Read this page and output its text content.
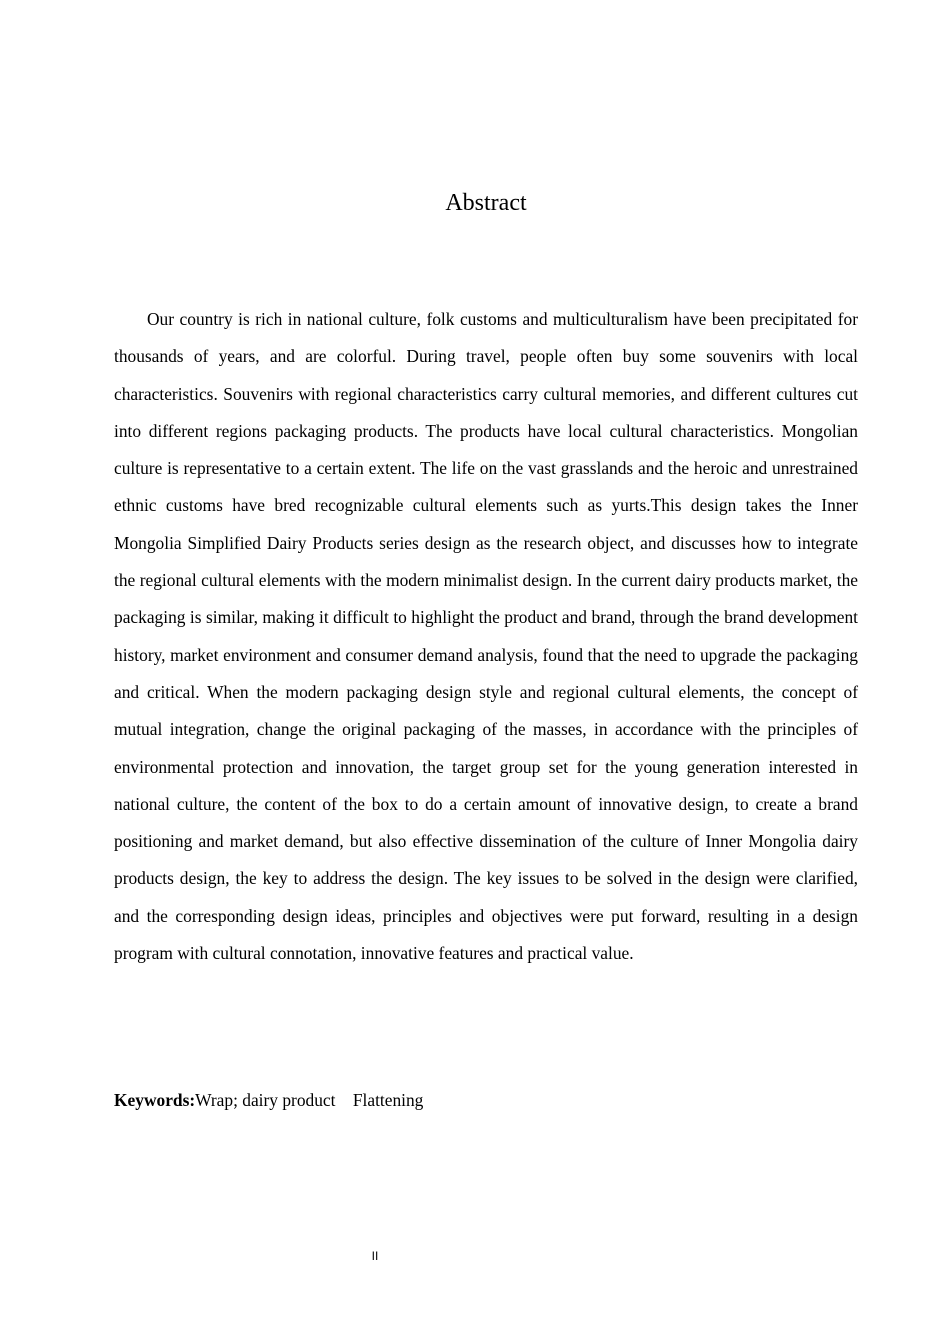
Abstract

Our country is rich in national culture, folk customs and multiculturalism have been precipitated for thousands of years, and are colorful. During travel, people often buy some souvenirs with local characteristics. Souvenirs with regional characteristics carry cultural memories, and different cultures cut into different regions packaging products. The products have local cultural characteristics. Mongolian culture is representative to a certain extent. The life on the vast grasslands and the heroic and unrestrained ethnic customs have bred recognizable cultural elements such as yurts.This design takes the Inner Mongolia Simplified Dairy Products series design as the research object, and discusses how to integrate the regional cultural elements with the modern minimalist design. In the current dairy products market, the packaging is similar, making it difficult to highlight the product and brand, through the brand development history, market environment and consumer demand analysis, found that the need to upgrade the packaging and critical. When the modern packaging design style and regional cultural elements, the concept of mutual integration, change the original packaging of the masses, in accordance with the principles of environmental protection and innovation, the target group set for the young generation interested in national culture, the content of the box to do a certain amount of innovative design, to create a brand positioning and market demand, but also effective dissemination of the culture of Inner Mongolia dairy products design, the key to address the design. The key issues to be solved in the design were clarified, and the corresponding design ideas, principles and objectives were put forward, resulting in a design program with cultural connotation, innovative features and practical value.

Keywords:Wrap; dairy product    Flattening

II
